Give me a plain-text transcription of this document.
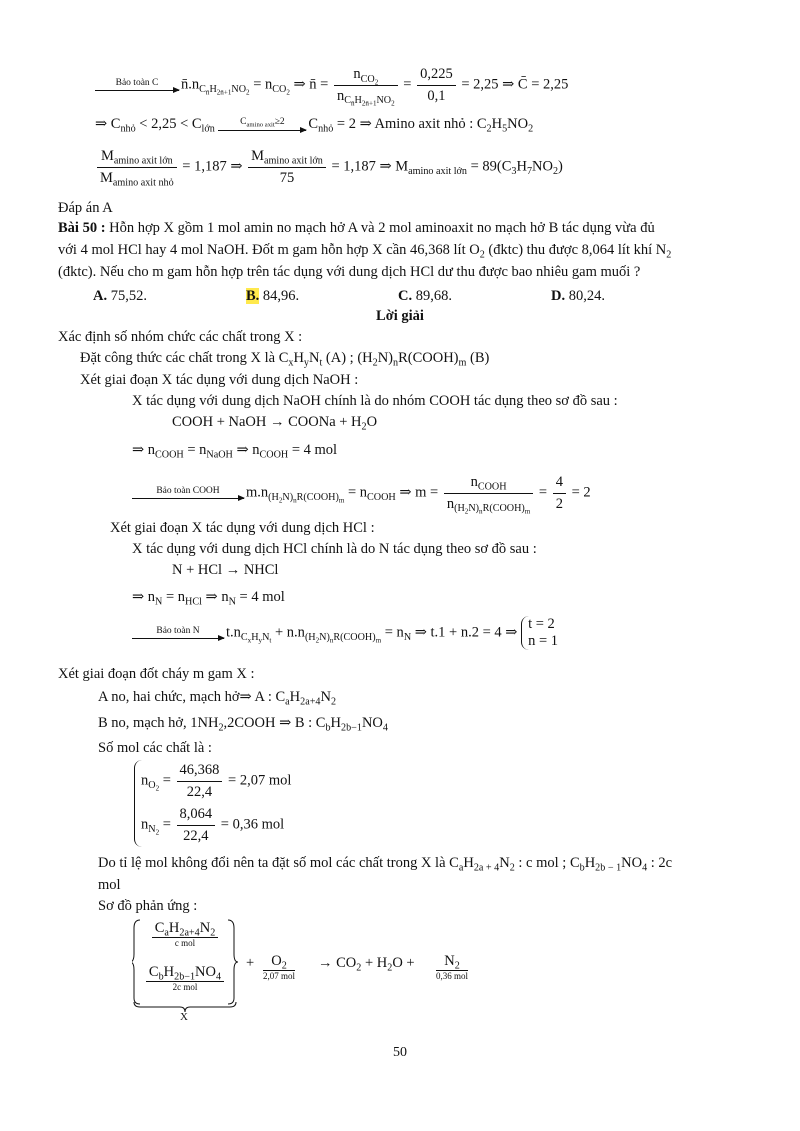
Bảo toàn C	$n̄.n_{C_{n̄}H_{2n̄+1}NO_2} = n_{CO_2}$ ⇒ n̄ = $\frac{n_{CO_2}}{n_{C_{n̄}H_{2n̄+1}NO_2}} = \frac{0,225}{0,1} = 2,25$ ⇒ C̄ = 2,25
⇒ $C_{nhỏ} < 2,25 < C_{lớn}$
$C_{amino axit}\ge 2$	$C_{nhỏ} = 2$ ⇒ Amino axit nhỏ : $C_2H_5NO_2$
$\frac{M_{amino axit lớn}}{M_{amino axit nhỏ}} = 1,187$ ⇒ $\frac{M_{amino axit lớn}}{75} = 1,187$ ⇒ $M_{amino axit lớn} = 89(C_3H_7NO_2)$
Đáp án A
Bài 50 : Hỗn hợp X gồm 1 mol amin no mạch hở A và 2 mol aminoaxit no mạch hở B tác dụng vừa đủ
với 4 mol HCl hay 4 mol NaOH. Đốt m gam hỗn hợp X cần 46,368 lít $O_2$ (đktc) thu được 8,064 lít khí $N_2$
(đktc). Nếu cho m gam hỗn hợp trên tác dụng với dung dịch HCl dư thu được bao nhiêu gam muối ?
A. 75,52.	B. 84,96.	C. 89,68.	D. 80,24.
Lời giải
Xác định số nhóm chức các chất trong X :
Đặt công thức các chất trong X là $C_xH_yN_t$ (A) ; $(H_2N)_nR(COOH)_m$ (B)
Xét giai đoạn X tác dụng với dung dịch NaOH :
X tác dụng với dung dịch NaOH chính là do nhóm COOH tác dụng theo sơ đồ sau :
COOH + NaOH → COONa + $H_2O$
⇒ $n_{COOH} = n_{NaOH}$ ⇒ $n_{COOH} = 4$ mol
Bảo toàn COOH	$m.n_{(H_2N)_nR(COOH)_m} = n_{COOH}$ ⇒ $m = \frac{n_{COOH}}{n_{(H_2N)_nR(COOH)_m}} = \frac{4}{2} = 2$
Xét giai đoạn X tác dụng với dung dịch HCl :
X tác dụng với dung dịch HCl chính là do N tác dụng theo sơ đồ sau :
N + HCl → NHCl
⇒ $n_N = n_{HCl}$ ⇒ $n_N = 4$ mol
Bảo toàn N	$t.n_{C_xH_yN_t} + n.n_{(H_2N)_nR(COOH)_m} = n_N$ ⇒ t.1 + n.2 = 4 ⇒
t = 2
n = 1
Xét giai đoạn đốt cháy m gam X :
A no, hai chức, mạch hở⇒ A : $C_aH_{2a+4}N_2$
B no, mạch hở, $1NH_2,2COOH$ ⇒ B : $C_bH_{2b-1}NO_4$
Số mol các chất là :
$n_{O_2} = \frac{46,368}{22,4} = 2,07$ mol
$n_{N_2} = \frac{8,064}{22,4} = 0,36$ mol
Do tỉ lệ mol không đổi nên ta đặt số mol các chất trong X là $C_aH_{2a + 4}N_2$ : c mol ; $C_bH_{2b - 1}NO_4$ : 2c
mol
Sơ đồ phản ứng :
$C_aH_{2a+4}N_2$
c mol
$C_bH_{2b-1}NO_4$
2c mol
X
+	$O_2$
2,07 mol
→ $CO_2 + H_2O$ +	$N_2$
0,36 mol
50
